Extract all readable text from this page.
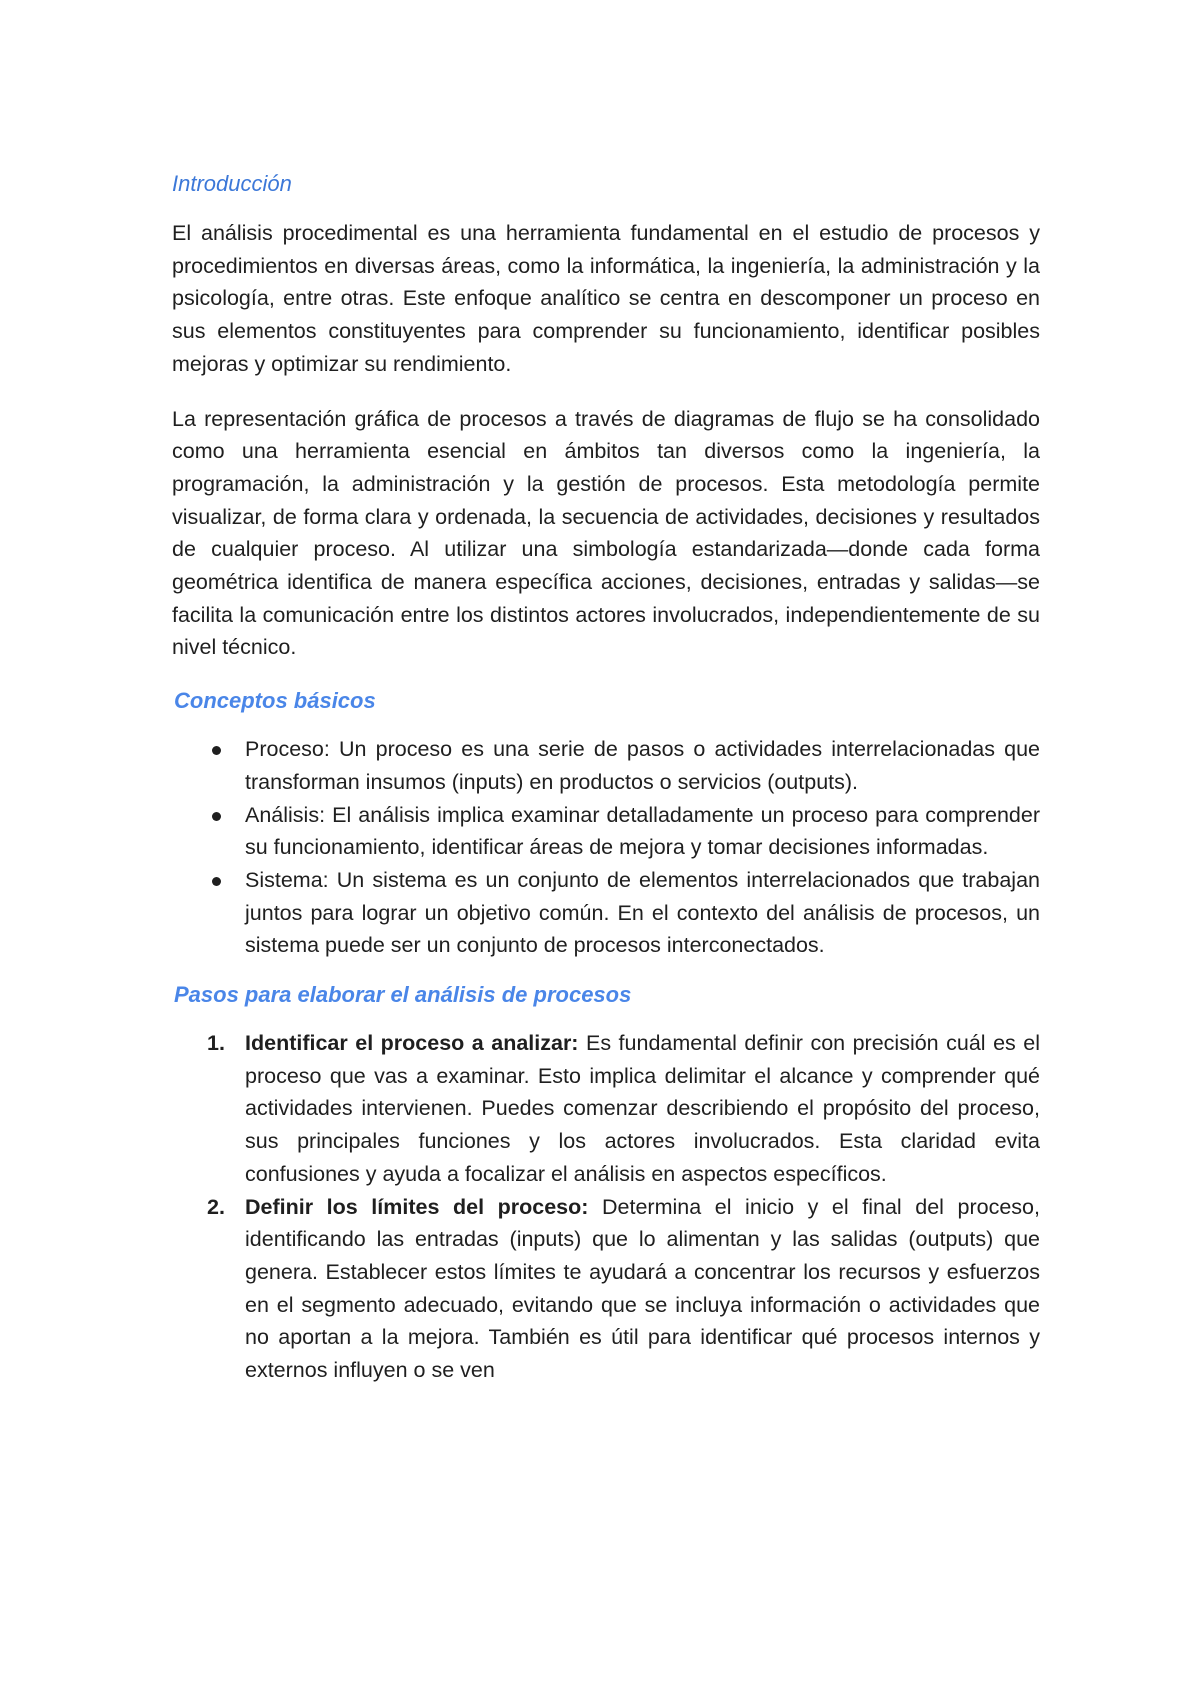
Introducción

El análisis procedimental es una herramienta fundamental en el estudio de procesos y procedimientos en diversas áreas, como la informática, la ingeniería, la administración y la psicología, entre otras. Este enfoque analítico se centra en descomponer un proceso en sus elementos constituyentes para comprender su funcionamiento, identificar posibles mejoras y optimizar su rendimiento.

La representación gráfica de procesos a través de diagramas de flujo se ha consolidado como una herramienta esencial en ámbitos tan diversos como la ingeniería, la programación, la administración y la gestión de procesos. Esta metodología permite visualizar, de forma clara y ordenada, la secuencia de actividades, decisiones y resultados de cualquier proceso. Al utilizar una simbología estandarizada—donde cada forma geométrica identifica de manera específica acciones, decisiones, entradas y salidas—se facilita la comunicación entre los distintos actores involucrados, independientemente de su nivel técnico.

Conceptos básicos
Proceso: Un proceso es una serie de pasos o actividades interrelacionadas que transforman insumos (inputs) en productos o servicios (outputs).
Análisis: El análisis implica examinar detalladamente un proceso para comprender su funcionamiento, identificar áreas de mejora y tomar decisiones informadas.
Sistema: Un sistema es un conjunto de elementos interrelacionados que trabajan juntos para lograr un objetivo común. En el contexto del análisis de procesos, un sistema puede ser un conjunto de procesos interconectados.
Pasos para elaborar el análisis de procesos
1. Identificar el proceso a analizar: Es fundamental definir con precisión cuál es el proceso que vas a examinar. Esto implica delimitar el alcance y comprender qué actividades intervienen. Puedes comenzar describiendo el propósito del proceso, sus principales funciones y los actores involucrados. Esta claridad evita confusiones y ayuda a focalizar el análisis en aspectos específicos.
2. Definir los límites del proceso: Determina el inicio y el final del proceso, identificando las entradas (inputs) que lo alimentan y las salidas (outputs) que genera. Establecer estos límites te ayudará a concentrar los recursos y esfuerzos en el segmento adecuado, evitando que se incluya información o actividades que no aportan a la mejora. También es útil para identificar qué procesos internos y externos influyen o se ven
